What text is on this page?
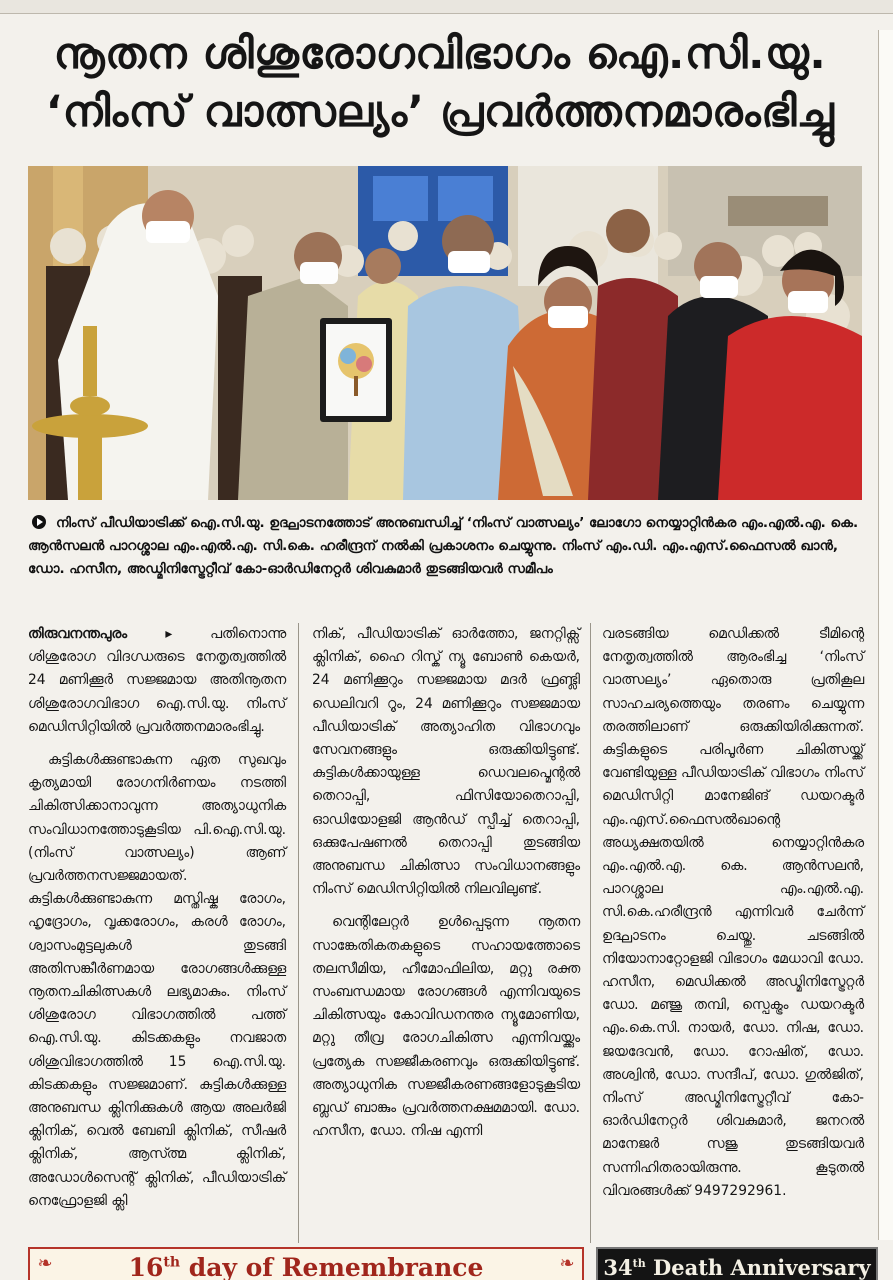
നൂതന ശിശുരോഗവിഭാഗം ഐ.സി.യു.
‘നിംസ് വാത്സല്യം’ പ്രവർത്തനമാരംഭിച്ചു
നിംസ് പീഡിയാട്രിക്ക് ഐ.സി.യു. ഉദ്ഘാടനത്തോട് അനുബന്ധിച്ച് ‘നിംസ് വാത്സല്യം’ ലോഗോ നെയ്യാറ്റിൻകര എം.എൽ.എ. കെ. ആൻസലൻ പാറശ്ശാല എം.എൽ.എ. സി.കെ. ഹരീന്ദ്രന് നൽകി പ്രകാശനം ചെയ്യുന്നു. നിംസ് എം.ഡി. എം.എസ്.ഫൈസൽ ഖാൻ, ഡോ. ഹസീന, അഡ്മിനിസ്ട്രേറ്റീവ് കോ-ഓർഡിനേറ്റർ ശിവകുമാർ തുടങ്ങിയവർ സമീപം

തിരുവനന്തപുരം ▸	പതിനൊന്നു ശിശുരോഗ വിദഗ്ധരുടെ നേതൃത്വത്തിൽ 24 മണിക്കൂർ സജ്ജമായ അതിനൂതന ശിശുരോഗവിഭാഗ ഐ.സി.യു. നിംസ് മെഡിസിറ്റിയിൽ പ്രവർത്തനമാരംഭിച്ചു.

കുട്ടികൾക്കുണ്ടാകുന്ന ഏത സുഖവും കൃത്യമായി രോഗനിർണയം നടത്തി ചികിത്സിക്കാനാവുന്ന അത്യാധുനിക സംവിധാനത്തോടുകൂടിയ പി.ഐ.സി.യു. (നിംസ് വാത്സല്യം) ആണ് പ്രവർത്തനസജ്ജമായത്. കുട്ടികൾക്കുണ്ടാകുന്ന മസ്തിഷ്ക രോഗം, ഹൃദ്രോഗം, വൃക്കരോഗം, കരൾ രോഗം, ശ്വാസംമുട്ടലുകൾ തുടങ്ങി അതിസങ്കീർണമായ രോഗങ്ങൾക്കുള്ള നൂതനചികിത്സകൾ ലഭ്യമാകും. നിംസ് ശിശുരോഗ വിഭാഗത്തിൽ പത്ത് ഐ.സി.യു. കിടക്കകളും നവജാത ശിശുവിഭാഗത്തിൽ 15 ഐ.സി.യു. കിടക്കകളും സജ്ജമാണ്. കുട്ടികൾക്കുള്ള അനുബന്ധ ക്ലിനിക്കുകൾ ആയ അലർജി ക്ലിനിക്, വെൽ ബേബി ക്ലിനിക്, സീഷർ ക്ലിനിക്, ആസ്ത്മ ക്ലിനിക്, അഡോൾസെന്റ് ക്ലിനിക്, പീഡിയാട്രിക് നെഫ്രോളജി ക്ലി

നിക്, പീഡിയാട്രിക് ഓർത്തോ, ജനറ്റിക്സ് ക്ലിനിക്, ഹൈ റിസ്ക് ന്യൂ ബോൺ കെയർ, 24 മണിക്കൂറും സജ്ജമായ മദർ ഫ്രണ്ട്ലി ഡെലിവറി റൂം, 24 മണിക്കൂറും സജ്ജമായ പീഡിയാട്രിക് അത്യാഹിത വിഭാഗവും സേവനങ്ങളും ഒരുക്കിയിട്ടുണ്ട്. കുട്ടികൾക്കായുള്ള ഡെവലപ്മെന്റൽ തെറാപ്പി, ഫിസിയോതെറാപ്പി, ഓഡിയോളജി ആൻഡ് സ്പീച്ച് തെറാപ്പി, ഒക്കുപേഷണൽ തെറാപ്പി തുടങ്ങിയ അനുബന്ധ ചികിത്സാ സംവിധാനങ്ങളും നിംസ് മെഡിസിറ്റിയിൽ നിലവിലുണ്ട്.

വെന്റിലേറ്റർ ഉൾപ്പെടുന്ന നൂതന സാങ്കേതികതകളുടെ സഹായത്തോടെ തലസീമിയ, ഹീമോഫിലിയ, മറ്റു രക്ത സംബന്ധമായ രോഗങ്ങൾ എന്നിവയുടെ ചികിത്സയും കോവിഡനന്തര ന്യൂമോണിയ, മറ്റു തീവ്ര രോഗചികിത്സ എന്നിവയ്ക്കും പ്രത്യേക സജ്ജീകരണവും ഒരുക്കിയിട്ടുണ്ട്. അത്യാധുനിക സജ്ജീകരണങ്ങളോടുകൂടിയ ബ്ലഡ് ബാങ്കും പ്രവർത്തനക്ഷമമായി. ഡോ. ഹസീന, ഡോ. നിഷ എന്നി

വരടങ്ങിയ മെഡിക്കൽ ടീമിന്റെ നേതൃത്വത്തിൽ ആരംഭിച്ച ‘നിംസ് വാത്സല്യം’ ഏതൊരു പ്രതികൂല സാഹചര്യത്തെയും തരണം ചെയ്യുന്ന തരത്തിലാണ് ഒരുക്കിയിരിക്കുന്നത്. കുട്ടികളുടെ പരിപൂർണ ചികിത്സയ്ക്ക് വേണ്ടിയുള്ള പീഡിയാട്രിക് വിഭാഗം നിംസ് മെഡിസിറ്റി മാനേജിങ് ഡയറക്ടർ എം.എസ്.ഫൈസൽഖാന്റെ അധ്യക്ഷതയിൽ നെയ്യാറ്റിൻകര എം.എൽ.എ. കെ. ആൻസലൻ, പാറശ്ശാല എം.എൽ.എ. സി.കെ.ഹരീന്ദ്രൻ എന്നിവർ ചേർന്ന് ഉദ്ഘാടനം ചെയ്തു. ചടങ്ങിൽ നിയോനാറ്റോളജി വിഭാഗം മേധാവി ഡോ. ഹസീന, മെഡിക്കൽ അഡ്മിനിസ്ട്രേറ്റർ ഡോ. മഞ്ജു തമ്പി, സ്പെക്ട്രം ഡയറക്ടർ എം.കെ.സി. നായർ, ഡോ. നിഷ, ഡോ. ജയദേവൻ, ഡോ. റോഷിത്, ഡോ. അശ്വിൻ, ഡോ. സന്ദീപ്, ഡോ. ഗുൽജിത്, നിംസ് അഡ്മിനിസ്ട്രേറ്റീവ് കോ-ഓർഡിനേറ്റർ ശിവകുമാർ, ജനറൽ മാനേജർ സജു തുടങ്ങിയവർ സന്നിഹിതരായിരുന്നു. കൂടുതൽ വിവരങ്ങൾക്ക് 9497292961.

❧	❧
16th day of Remembrance	34th Death Anniversary
